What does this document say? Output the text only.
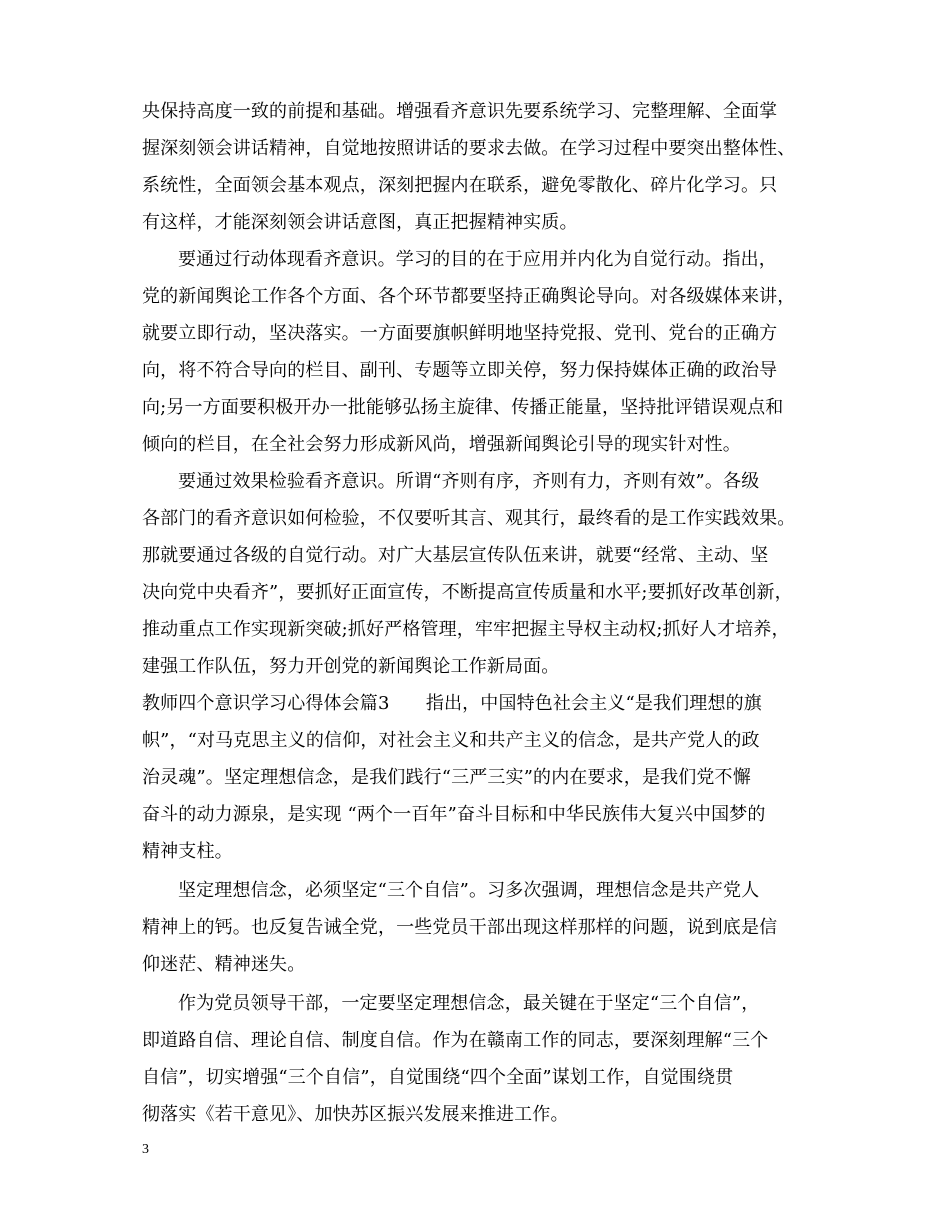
央保持高度一致的前提和基础。增强看齐意识先要系统学习、完整理解、全面掌
握深刻领会讲话精神，自觉地按照讲话的要求去做。在学习过程中要突出整体性、
系统性，全面领会基本观点，深刻把握内在联系，避免零散化、碎片化学习。只
有这样，才能深刻领会讲话意图，真正把握精神实质。
要通过行动体现看齐意识。学习的目的在于应用并内化为自觉行动。指出，
党的新闻舆论工作各个方面、各个环节都要坚持正确舆论导向。对各级媒体来讲，
就要立即行动，坚决落实。一方面要旗帜鲜明地坚持党报、党刊、党台的正确方
向，将不符合导向的栏目、副刊、专题等立即关停，努力保持媒体正确的政治导
向;另一方面要积极开办一批能够弘扬主旋律、传播正能量，坚持批评错误观点和
倾向的栏目，在全社会努力形成新风尚，增强新闻舆论引导的现实针对性。
要通过效果检验看齐意识。所谓“齐则有序，齐则有力，齐则有效”。各级
各部门的看齐意识如何检验，不仅要听其言、观其行，最终看的是工作实践效果。
那就要通过各级的自觉行动。对广大基层宣传队伍来讲，就要“经常、主动、坚
决向党中央看齐”，要抓好正面宣传，不断提高宣传质量和水平;要抓好改革创新，
推动重点工作实现新突破;抓好严格管理，牢牢把握主导权主动权;抓好人才培养，
建强工作队伍，努力开创党的新闻舆论工作新局面。
教师四个意识学习心得体会篇3　　指出，中国特色社会主义“是我们理想的旗
帜”，“对马克思主义的信仰，对社会主义和共产主义的信念，是共产党人的政
治灵魂”。坚定理想信念，是我们践行“三严三实”的内在要求，是我们党不懈
奋斗的动力源泉，是实现 “两个一百年”奋斗目标和中华民族伟大复兴中国梦的
精神支柱。
坚定理想信念，必须坚定“三个自信”。习多次强调，理想信念是共产党人
精神上的钙。也反复告诫全党，一些党员干部出现这样那样的问题，说到底是信
仰迷茫、精神迷失。
作为党员领导干部，一定要坚定理想信念，最关键在于坚定“三个自信”，
即道路自信、理论自信、制度自信。作为在赣南工作的同志，要深刻理解“三个
自信”，切实增强“三个自信”，自觉围绕“四个全面”谋划工作，自觉围绕贯
彻落实《若干意见》、加快苏区振兴发展来推进工作。
3
